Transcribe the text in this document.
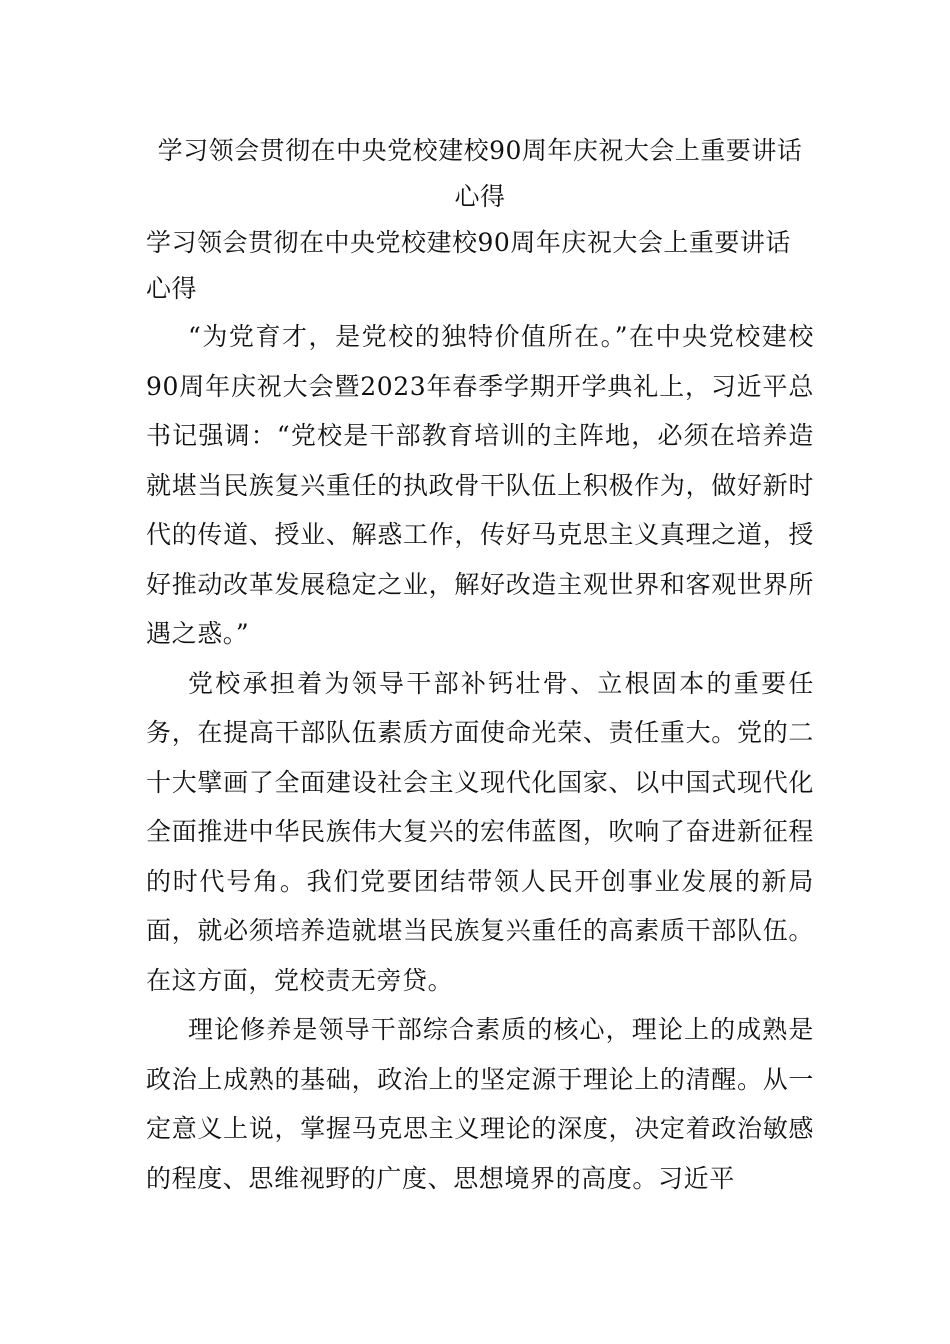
学习领会贯彻在中央党校建校90周年庆祝大会上重要讲话心得

学习领会贯彻在中央党校建校90周年庆祝大会上重要讲话心得

“为党育才，是党校的独特价值所在。”在中央党校建校90周年庆祝大会暨2023年春季学期开学典礼上，习近平总书记强调：“党校是干部教育培训的主阵地，必须在培养造就堪当民族复兴重任的执政骨干队伍上积极作为，做好新时代的传道、授业、解惑工作，传好马克思主义真理之道，授好推动改革发展稳定之业，解好改造主观世界和客观世界所遇之惑。”

党校承担着为领导干部补钙壮骨、立根固本的重要任务，在提高干部队伍素质方面使命光荣、责任重大。党的二十大擘画了全面建设社会主义现代化国家、以中国式现代化全面推进中华民族伟大复兴的宏伟蓝图，吹响了奋进新征程的时代号角。我们党要团结带领人民开创事业发展的新局面，就必须培养造就堪当民族复兴重任的高素质干部队伍。在这方面，党校责无旁贷。

理论修养是领导干部综合素质的核心，理论上的成熟是政治上成熟的基础，政治上的坚定源于理论上的清醒。从一定意义上说，掌握马克思主义理论的深度，决定着政治敏感的程度、思维视野的广度、思想境界的高度。习近平
